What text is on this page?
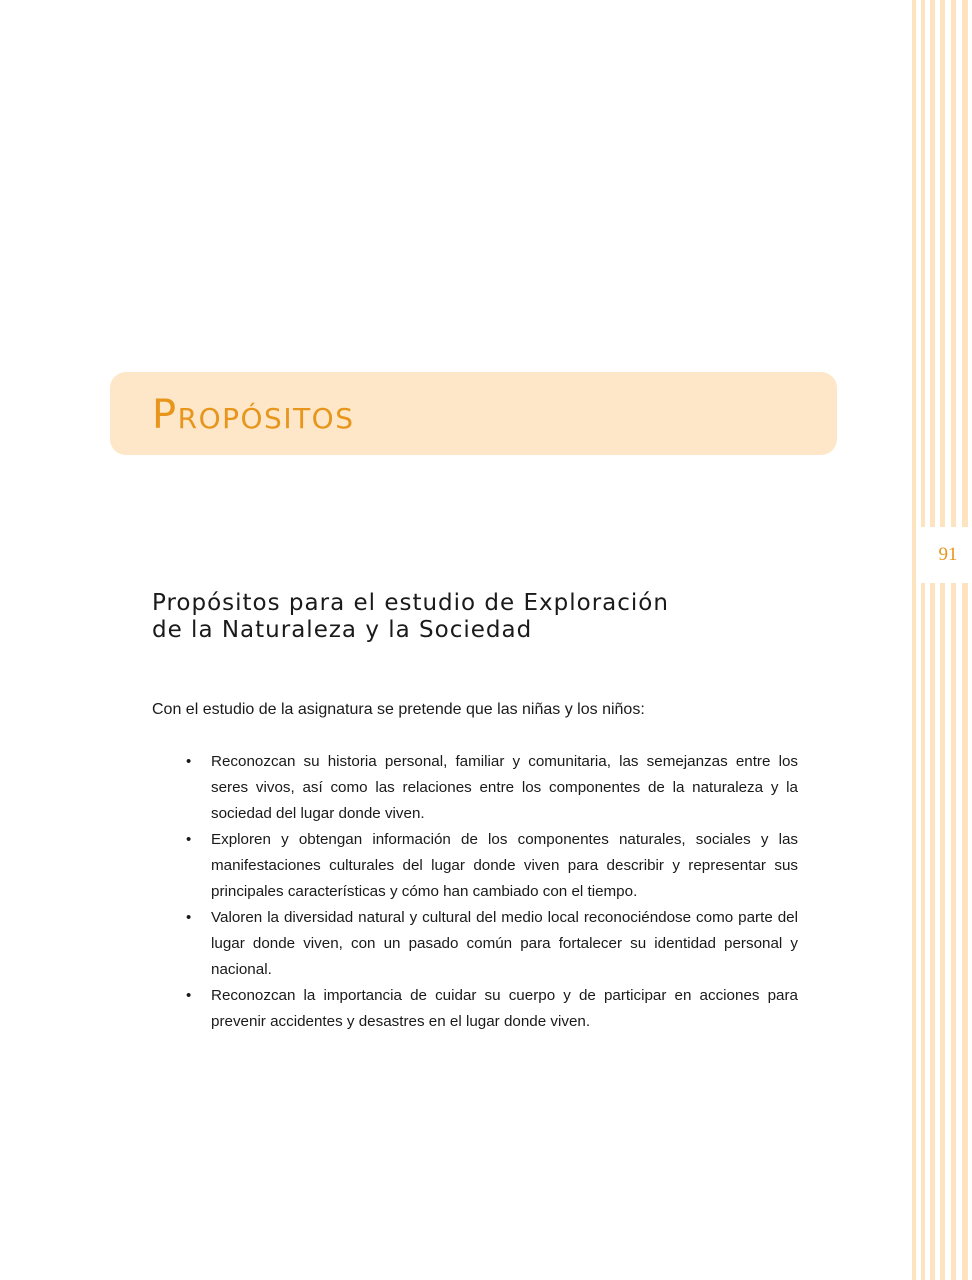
91
PROPÓSITOS
Propósitos para el estudio de Exploración
de la Naturaleza y la Sociedad
Con el estudio de la asignatura se pretende que las niñas y los niños:
• Reconozcan su historia personal, familiar y comunitaria, las semejanzas entre los seres vivos, así como las relaciones entre los componentes de la naturaleza y la sociedad del lugar donde viven.
• Exploren y obtengan información de los componentes naturales, sociales y las manifestaciones culturales del lugar donde viven para describir y representar sus principales características y cómo han cambiado con el tiempo.
• Valoren la diversidad natural y cultural del medio local reconociéndose como parte del lugar donde viven, con un pasado común para fortalecer su identidad personal y nacional.
• Reconozcan la importancia de cuidar su cuerpo y de participar en acciones para prevenir accidentes y desastres en el lugar donde viven.
